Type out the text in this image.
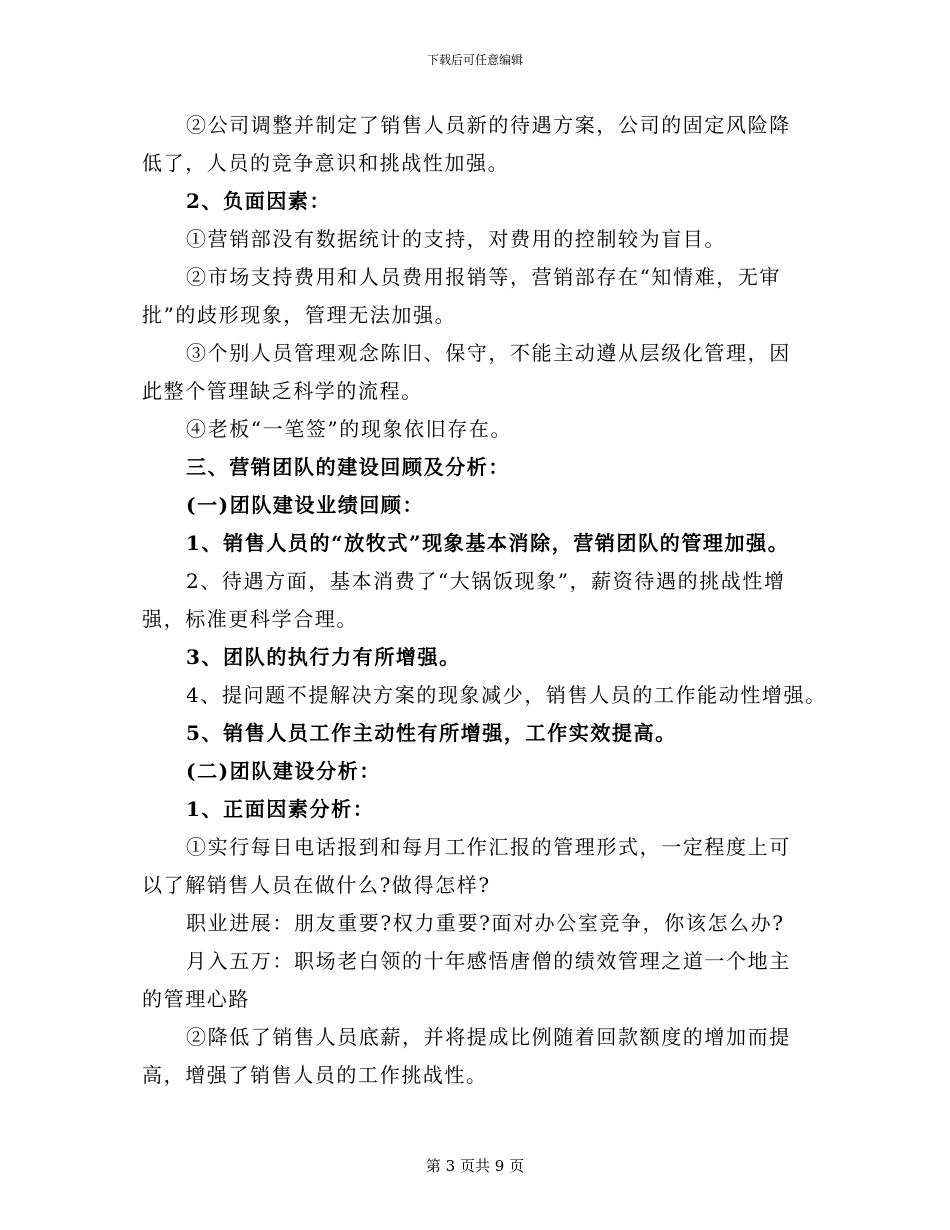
下载后可任意编辑
②公司调整并制定了销售人员新的待遇方案，公司的固定风险降
低了，人员的竞争意识和挑战性加强。
2、负面因素：
①营销部没有数据统计的支持，对费用的控制较为盲目。
②市场支持费用和人员费用报销等，营销部存在“知情难，无审
批”的歧形现象，管理无法加强。
③个别人员管理观念陈旧、保守，不能主动遵从层级化管理，因
此整个管理缺乏科学的流程。
④老板“一笔签”的现象依旧存在。
三、营销团队的建设回顾及分析：
(一)团队建设业绩回顾：
1、销售人员的“放牧式”现象基本消除，营销团队的管理加强。
2、待遇方面，基本消费了“大锅饭现象”，薪资待遇的挑战性增
强，标准更科学合理。
3、团队的执行力有所增强。
4、提问题不提解决方案的现象减少，销售人员的工作能动性增强。
5、销售人员工作主动性有所增强，工作实效提高。
(二)团队建设分析：
1、正面因素分析：
①实行每日电话报到和每月工作汇报的管理形式，一定程度上可
以了解销售人员在做什么?做得怎样?
职业进展：朋友重要?权力重要?面对办公室竞争，你该怎么办?
月入五万：职场老白领的十年感悟唐僧的绩效管理之道一个地主
的管理心路
②降低了销售人员底薪，并将提成比例随着回款额度的增加而提
高，增强了销售人员的工作挑战性。
第 3 页共 9 页
